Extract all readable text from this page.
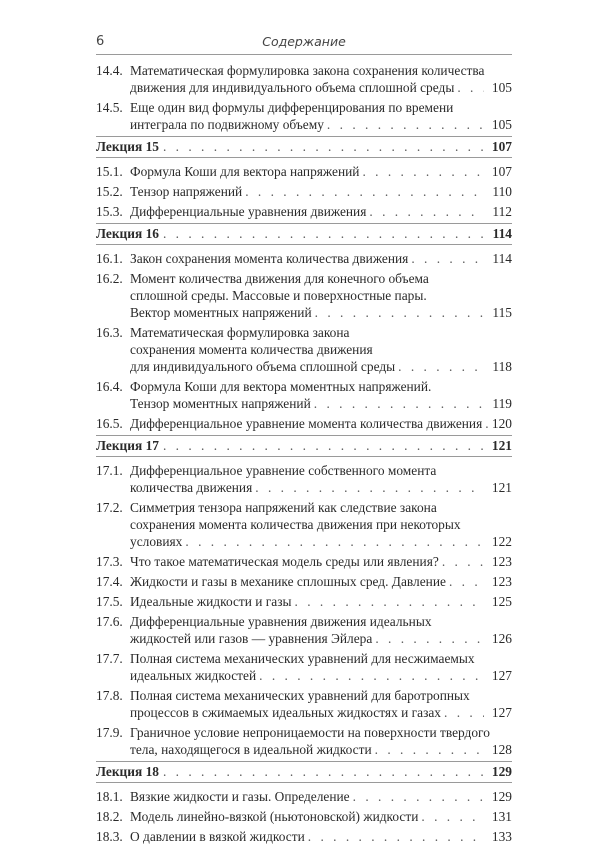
6	Содержание
14.4. Математическая формулировка закона сохранения количества
движения для индивидуального объема сплошной среды . . .	105
14.5. Еще один вид формулы дифференцирования по времени
интеграла по подвижному объему . . .	105
Лекция 15 . . .	107
15.1. Формула Коши для вектора напряжений . . .	107
15.2. Тензор напряжений . . .	110
15.3. Дифференциальные уравнения движения . . .	112
Лекция 16 . . .	114
16.1. Закон сохранения момента количества движения . . .	114
16.2. Момент количества движения для конечного объема
сплошной среды. Массовые и поверхностные пары.
Вектор моментных напряжений . . .	115
16.3. Математическая формулировка закона
сохранения момента количества движения
для индивидуального объема сплошной среды . . .	118
16.4. Формула Коши для вектора моментных напряжений.
Тензор моментных напряжений . . .	119
16.5. Дифференциальное уравнение момента количества движения . . . 120
Лекция 17 . . .	121
17.1. Дифференциальное уравнение собственного момента
количества движения . . .	121
17.2. Симметрия тензора напряжений как следствие закона
сохранения момента количества движения при некоторых
условиях . . .	122
17.3. Что такое математическая модель среды или явления? . . .	123
17.4. Жидкости и газы в механике сплошных сред. Давление . . .	123
17.5. Идеальные жидкости и газы . . .	125
17.6. Дифференциальные уравнения движения идеальных
жидкостей или газов — уравнения Эйлера . . .	126
17.7. Полная система механических уравнений для несжимаемых
идеальных жидкостей . . .	127
17.8. Полная система механических уравнений для баротропных
процессов в сжимаемых идеальных жидкостях и газах . . .	127
17.9. Граничное условие непроницаемости на поверхности твердого
тела, находящегося в идеальной жидкости . . .	128
Лекция 18 . . .	129
18.1. Вязкие жидкости и газы. Определение . . .	129
18.2. Модель линейно-вязкой (ньютоновской) жидкости . . .	131
18.3. О давлении в вязкой жидкости . . .	133
